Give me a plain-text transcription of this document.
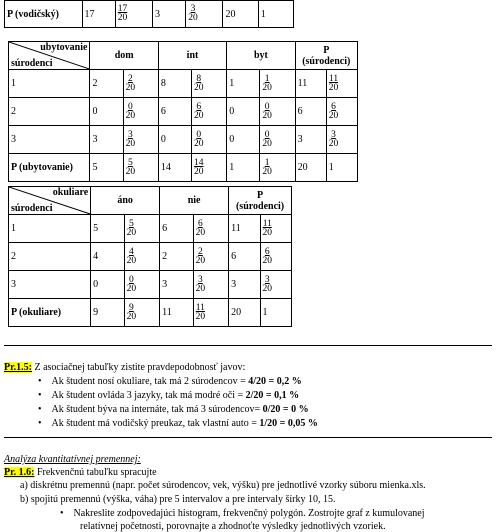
P (vodičský)	17	$\frac{17}{20}$	3	$\frac{3}{20}$	20	1
ubytovanie
súrodenci	dom		int		byt		P
(súrodenci)	
1	2	$\frac{2}{20}$	8	$\frac{8}{20}$	1	$\frac{1}{20}$	11	$\frac{11}{20}$

2	0	$\frac{0}{20}$	6	$\frac{6}{20}$	0	$\frac{0}{20}$	6	$\frac{6}{20}$

3	3	$\frac{3}{20}$	0	$\frac{0}{20}$	0	$\frac{0}{20}$	3	$\frac{3}{20}$

P (ubytovanie)	5	$\frac{5}{20}$	14	$\frac{14}{20}$	1	$\frac{1}{20}$	20	1
okuliare
súrodenci	áno		nie		P
(súrodenci)	
1	5	$\frac{5}{20}$	6	$\frac{6}{20}$	11	$\frac{11}{20}$

2	4	$\frac{4}{20}$	2	$\frac{2}{20}$	6	$\frac{6}{20}$

3	0	$\frac{0}{20}$	3	$\frac{3}{20}$	3	$\frac{3}{20}$

P (okuliare)	9	$\frac{9}{20}$	11	$\frac{11}{20}$	20	1
Pr.1.5: Z asociačnej tabuľky zistite pravdepodobnosť javov:
•    Ak študent nosí okuliare, tak má 2 súrodencov = 4/20 = 0,2 %
•    Ak študent ovláda 3 jazyky, tak má modré oči = 2/20 = 0,1 %
•    Ak študent býva na internáte, tak má 3 súrodencov= 0/20 = 0 %
•    Ak študent má vodičský preukaz, tak vlastní auto = 1/20 = 0,05 %
Analýza kvantitatívnej premennej:
Pr. 1.6: Frekvenčnú tabuľku spracujte
a) diskrétnu premennú (napr. počet súrodencov, vek, výšku) pre jednotlivé vzorky súboru mienka.xls.
b) spojitú premennú (výška, váha) pre 5 intervalov a pre intervaly šírky 10, 15.
•    Nakreslite zodpovedajúci histogram, frekvenčný polygón. Zostrojte graf z kumulovanej
relatívnej početnosti, porovnajte a zhodnoťte výsledky jednotlivých vzoriek.
